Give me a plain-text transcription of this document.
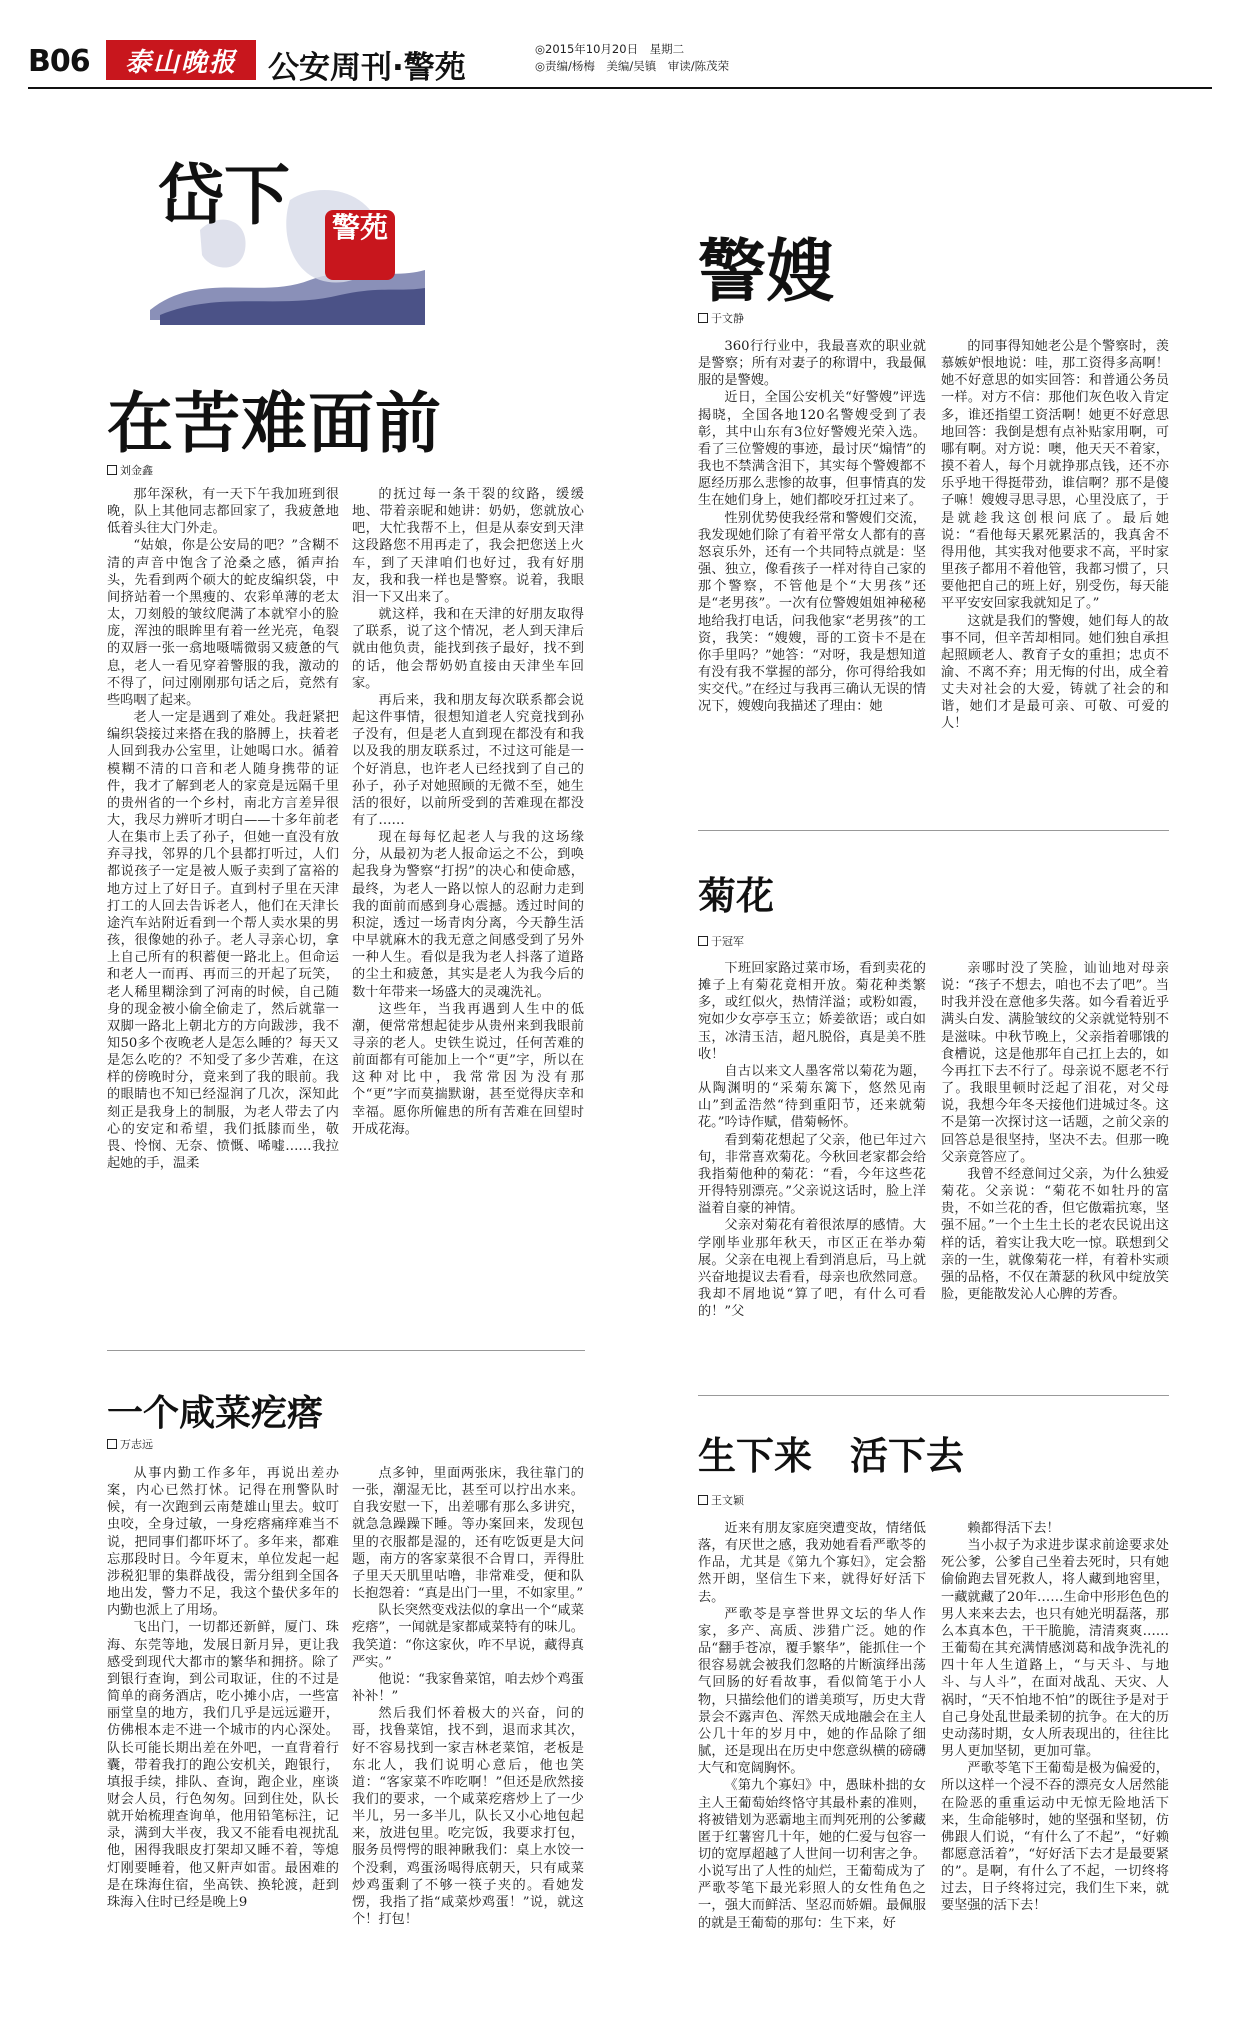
B06	泰山晚报	公安周刊·警苑
◎2015年10月20日　星期二
◎责编/杨梅　美编/吴镇　审读/陈茂荣
岱下 警苑
在苦难面前
刘金鑫

那年深秋，有一天下午我加班到很晚，队上其他同志都回家了，我疲惫地低着头往大门外走。

“姑娘，你是公安局的吧？”含糊不清的声音中饱含了沧桑之感，循声抬头，先看到两个硕大的蛇皮编织袋，中间挤站着一个黑瘦的、农彩单薄的老太太，刀刻般的皱纹爬满了本就窄小的脸庞，浑浊的眼眸里有着一丝光亮，龟裂的双唇一张一翕地嗫嚅微弱又疲惫的气息，老人一看见穿着警服的我，激动的不得了，问过刚刚那句话之后，竟然有些呜咽了起来。

老人一定是遇到了难处。我赶紧把编织袋接过来搭在我的胳膊上，扶着老人回到我办公室里，让她喝口水。循着模糊不清的口音和老人随身携带的证件，我才了解到老人的家竟是远隔千里的贵州省的一个乡村，南北方言差异很大，我尽力辨听才明白——十多年前老人在集市上丢了孙子，但她一直没有放弃寻找，邻界的几个县都打听过，人们都说孩子一定是被人贩子卖到了富裕的地方过上了好日子。直到村子里在天津打工的人回去告诉老人，他们在天津长途汽车站附近看到一个帮人卖水果的男孩，很像她的孙子。老人寻亲心切，拿上自己所有的积蓄便一路北上。但命运和老人一而再、再而三的开起了玩笑，老人稀里糊涂到了河南的时候，自己随身的现金被小偷全偷走了，然后就靠一双脚一路北上朝北方的方向跋涉，我不知50多个夜晚老人是怎么睡的？每天又是怎么吃的？不知受了多少苦难，在这样的傍晚时分，竟来到了我的眼前。我的眼睛也不知已经湿润了几次，深知此刻正是我身上的制服，为老人带去了内心的安定和希望，我们抵膝而坐，敬畏、怜悯、无奈、愤慨、唏嘘……我拉起她的手，温柔

的抚过每一条干裂的纹路，缓缓地、带着亲昵和她讲：奶奶，您就放心吧，大忙我帮不上，但是从泰安到天津这段路您不用再走了，我会把您送上火车，到了天津咱们也好过，我有好朋友，我和我一样也是警察。说着，我眼泪一下又出来了。

就这样，我和在天津的好朋友取得了联系，说了这个情况，老人到天津后就由他负责，能找到孩子最好，找不到的话，他会帮奶奶直接由天津坐车回家。

再后来，我和朋友每次联系都会说起这件事情，很想知道老人究竟找到孙子没有，但是老人直到现在都没有和我以及我的朋友联系过，不过这可能是一个好消息，也许老人已经找到了自己的孙子，孙子对她照顾的无微不至，她生活的很好，以前所受到的苦难现在都没有了……

现在每每忆起老人与我的这场缘分，从最初为老人报命运之不公，到唤起我身为警察“打拐”的决心和使命感，最终，为老人一路以惊人的忍耐力走到我的面前而感到身心震撼。透过时间的积淀，透过一场青肉分离，今天静生活中早就麻木的我无意之间感受到了另外一种人生。看似是我为老人抖落了道路的尘土和疲惫，其实是老人为我今后的数十年带来一场盛大的灵魂洗礼。

这些年，当我再遇到人生中的低潮，便常常想起徒步从贵州来到我眼前寻亲的老人。史铁生说过，任何苦难的前面都有可能加上一个“更”字，所以在这种对比中，我常常因为没有那个“更”字而莫揣默谢，甚至觉得庆幸和幸福。愿你所僱患的所有苦难在回望时开成花海。

一个咸菜疙瘩
万志远

从事内勤工作多年，再说出差办案，内心已然打怵。记得在刑警队时候，有一次跑到云南楚雄山里去。蚊叮虫咬，全身过敏，一身疙瘩痛痒难当不说，把同事们都吓坏了。多年来，都难忘那段时日。今年夏末，单位发起一起涉税犯罪的集群战役，需分组到全国各地出发，警力不足，我这个蛰伏多年的内勤也派上了用场。

飞出门，一切都还新鲜，厦门、珠海、东莞等地，发展日新月异，更让我感受到现代大都市的繁华和拥挤。除了到银行查询，到公司取证，住的不过是简单的商务酒店，吃小摊小店，一些富丽堂皇的地方，我们几乎是远远避开，仿佛根本走不进一个城市的内心深处。队长可能长期出差在外吧，一直背着行囊，带着我打的跑公安机关，跑银行，填报手续，排队、查询，跑企业，座谈财会人员，行色匆匆。回到住处，队长就开始梳理查询单，他用铅笔标注，记录，满到大半夜，我又不能看电视扰乱他，困得我眼皮打架却又睡不着，等熄灯刚要睡着，他又鼾声如雷。最困难的是在珠海住宿，坐高铁、换轮渡，赶到珠海入住时已经是晚上9

点多钟，里面两张床，我往靠门的一张，潮湿无比，甚至可以拧出水来。自我安慰一下，出差哪有那么多讲究，就急急躁躁下睡。等办案回来，发现包里的衣服都是湿的，还有吃饭更是大问题，南方的客家菜很不合胃口，弄得肚子里天天肌里咕噜，非常难受，便和队长抱怨着：“真是出门一里，不如家里。”

队长突然变戏法似的拿出一个“咸菜疙瘩”，一闻就是家都咸菜特有的味儿。我笑道：“你这家伙，咋不早说，藏得真严实。”

他说：“我家鲁菜馆，咱去炒个鸡蛋补补！”

然后我们怀着极大的兴奋，问的哥，找鲁菜馆，找不到，退而求其次，好不容易找到一家吉林老菜馆，老板是东北人，我们说明心意后，他也笑道：“客家菜不咋吃啊！”但还是欣然接我们的要求，一个咸菜疙瘩炒上了一少半儿，另一多半儿，队长又小心地包起来，放进包里。吃完饭，我要求打包，服务员愕愕的眼神瞅我们：桌上水饺一个没剩，鸡蛋汤喝得底朝天，只有咸菜炒鸡蛋剩了不够一筷子夹的。看她发愣，我指了指“咸菜炒鸡蛋！”说，就这个！打包！

警嫂
于文静

360行行业中，我最喜欢的职业就是警察；所有对妻子的称谓中，我最佩服的是警嫂。

近日，全国公安机关“好警嫂”评选揭晓，全国各地120名警嫂受到了表彰，其中山东有3位好警嫂光荣入选。看了三位警嫂的事迹，最讨厌“煽情”的我也不禁满含泪下，其实每个警嫂都不愿经历那么悲惨的故事，但事情真的发生在她们身上，她们都咬牙扛过来了。

性别优势使我经常和警嫂们交流，我发现她们除了有着平常女人都有的喜怒哀乐外，还有一个共同特点就是：坚强、独立，像看孩子一样对待自己家的那个警察，不管他是个“大男孩”还是“老男孩”。一次有位警嫂姐姐神秘秘地给我打电话，问我他家“老男孩”的工资，我笑：“嫂嫂，哥的工资卡不是在你手里吗？”她答：“对呀，我是想知道有没有我不掌握的部分，你可得给我如实交代。”在经过与我再三确认无误的情况下，嫂嫂向我描述了理由：她

的同事得知她老公是个警察时，羡慕嫉妒恨地说：哇，那工资得多高啊！她不好意思的如实回答：和普通公务员一样。对方不信：那他们灰色收入肯定多，谁还指望工资活啊！她更不好意思地回答：我倒是想有点补贴家用啊，可哪有啊。对方说：噢，他天天不着家，摸不着人，每个月就挣那点钱，还不亦乐乎地干得挺带劲，谁信啊？那不是傻子嘛！嫂嫂寻思寻思，心里没底了，于是就趁我这创根问底了。最后她说：“看他每天累死累活的，我真舍不得用他，其实我对他要求不高，平时家里孩子都用不着他管，我都习惯了，只要他把自己的班上好，别受伤，每天能平平安安回家我就知足了。”

这就是我们的警嫂，她们每人的故事不同，但辛苦却相同。她们独自承担起照顾老人、教育子女的重担；忠贞不渝、不离不弃；用无悔的付出，成全着丈夫对社会的大爱，铸就了社会的和谐，她们才是最可亲、可敬、可爱的人！

菊花
于冠军

下班回家路过菜市场，看到卖花的摊子上有菊花竟相开放。菊花种类繁多，或红似火，热情洋溢；或粉如霞，宛如少女亭亭玉立；娇姜欲语；或白如玉，冰清玉洁，超凡脱俗，真是美不胜收！

自古以来文人墨客常以菊花为题，从陶渊明的“采菊东篱下，悠然见南山”到孟浩然“待到重阳节，还来就菊花。”吟诗作赋，借菊畅怀。

看到菊花想起了父亲，他已年过六旬，非常喜欢菊花。今秋回老家都会给我指菊他种的菊花：“看，今年这些花开得特别漂亮。”父亲说这话时，脸上洋溢着自豪的神情。

父亲对菊花有着很浓厚的感情。大学刚毕业那年秋天，市区正在举办菊展。父亲在电视上看到消息后，马上就兴奋地提议去看看，母亲也欣然同意。我却不屑地说“算了吧，有什么可看的！”父

亲哪时没了笑脸，讪讪地对母亲说：“孩子不想去，咱也不去了吧”。当时我并没在意他多失落。如今看着近乎满头白发、满脸皱纹的父亲就觉特别不是滋味。中秋节晚上，父亲指着哪饿的食槽说，这是他那年自己扛上去的，如今再扛下去不行了。母亲说不愿老不行了。我眼里顿时泛起了泪花，对父母说，我想今年冬天接他们进城过冬。这不是第一次探讨这一话题，之前父亲的回答总是很坚持，坚决不去。但那一晚父亲竟答应了。

我曾不经意间过父亲，为什么独爱菊花。父亲说：“菊花不如牡丹的富贵，不如兰花的香，但它傲霜抗寒，坚强不屈。”一个土生土长的老农民说出这样的话，着实让我大吃一惊。联想到父亲的一生，就像菊花一样，有着朴实顽强的品格，不仅在萧瑟的秋风中绽放笑脸，更能散发沁人心脾的芳香。

生下来　活下去
王文颖

近来有朋友家庭突遭变故，情绪低落，有厌世之感，我劝她看看严歌苓的作品，尤其是《第九个寡妇》，定会豁然开朗，坚信生下来，就得好好活下去。

严歌苓是享誉世界文坛的华人作家，多产、高质、涉猎广泛。她的作品“翻手苍凉，覆手繁华”，能抓住一个很容易就会被我们忽略的片断演绎出荡气回肠的好看故事，看似简笔于小人物，只描绘他们的谱美琐写，历史大背景会不露声色、浑然天成地融会在主人公几十年的岁月中，她的作品除了细腻，还是现出在历史中您意纵横的磅礴大气和宽阔胸怀。

《第九个寡妇》中，愚昧朴拙的女主人王葡萄始终恪守其最朴素的准则，将被错划为恶霸地主而判死刑的公爹藏匿于红薯窖几十年，她的仁爱与包容一切的宽厚超越了人世间一切利害之争。小说写出了人性的灿烂，王葡萄成为了严歌苓笔下最光彩照人的女性角色之一，强大而鲜活、坚忍而娇媚。最佩服的就是王葡萄的那句：生下来，好

赖都得活下去！

当小叔子为求进步谋求前途要求处死公爹，公爹自己坐着去死时，只有她偷偷跑去冒死救人，将人藏到地窖里，一藏就藏了20年……生命中形形色色的男人来来去去，也只有她光明磊落，那么本真本色，干干脆脆，清清爽爽……王葡萄在其充满情感浏葛和战争洗礼的四十年人生道路上，“与天斗、与地斗、与人斗”，在面对战乱、天灾、人祸时，“天不怕地不怕”的既往予是对于自己身处乱世最柔韧的抗争。在大的历史动荡时期，女人所表现出的，往往比男人更加坚韧，更加可靠。

严歌苓笔下王葡萄是极为偏爱的，所以这样一个浸不吞的漂亮女人居然能在险恶的重重运动中无惊无险地活下来，生命能够时，她的坚强和坚韧，仿佛跟人们说，“有什么了不起”，“好赖都愿意活着”，“好好活下去才是最要紧的”。是啊，有什么了不起，一切终将过去，日子终将过完，我们生下来，就要坚强的活下去！
